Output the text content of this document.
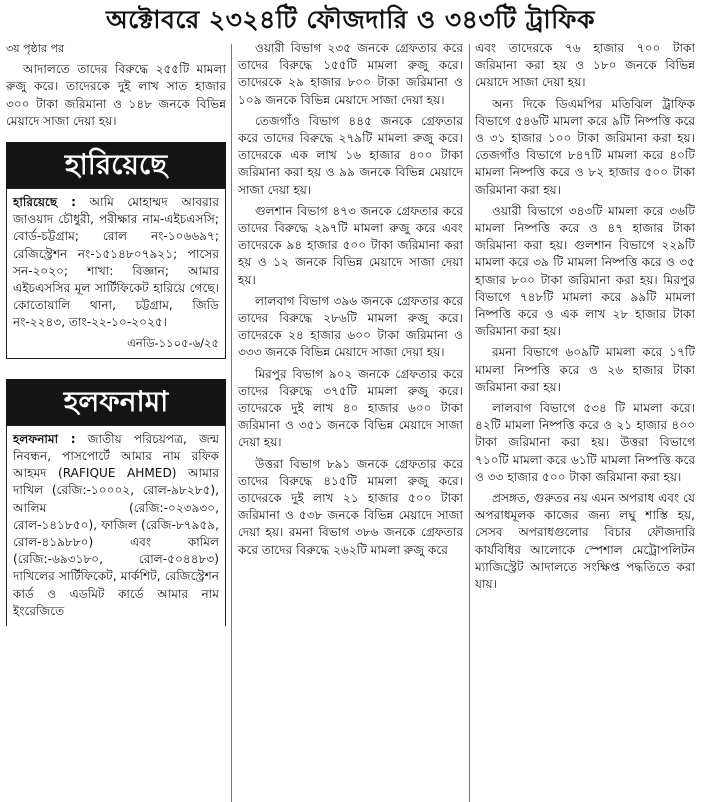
অক্টোবরে ২৩২৪টি ফৌজদারি ও ৩৪৩টি ট্রাফিক

৩য় পৃষ্ঠার পর

আদালতে তাদের বিরুদ্ধে ২৫৫টি মামলা রুজু করে। তাদেরকে দুই লাখ সাত হাজার ৩০০ টাকা জরিমানা ও ১৪৮ জনকে বিভিন্ন মেয়াদে সাজা দেয়া হয়।

হারিয়েছে

হারিয়েছে : আমি মোহাম্মদ আবরার জাওয়াদ চৌধুরী, পরীক্ষার নাম-এইচএসসি; বোর্ড-চট্টগ্রাম; রোল নং-১০৬৬৯৭; রেজিস্ট্রেশন নং-১৫১৪৮০৭৯২১; পাসের সন-২০২০; শাখা: বিজ্ঞান; আমার এইচএসসির মূল সার্টিফিকেট হারিয়ে গেছে। কোতোয়ালি থানা, চট্টগ্রাম, জিডি নং-২২৪৩, তাং-২২-১০-২০২৫।

এনডি-১১০৫-৬/২৫

হলফনামা

হলফনামা : জাতীয় পরিচয়পত্র, জন্ম নিবন্ধন, পাসপোর্টে আমার নাম রফিক আহমদ (RAFIQUE AHMED) আমার দাখিল (রেজি:-১০০০২, রোল-৯৮২৮৫), আলিম (রেজি:-০২৩৯৩০, রোল-১৪১৮৫০), ফাজিল (রেজি-৮৭৯৫৯, রোল-৪১৯৮৮০) এবং কামিল (রেজি:-৬৯৩১৮০, রোল-৫০৪৪৮৩) দাখিলের সার্টিফিকেট, মার্কশিট, রেজিস্ট্রেশন কার্ড ও এডমিট কার্ডে আমার নাম ইংরেজিতে

ওয়ারী বিভাগ ২৩৫ জনকে গ্রেফতার করে তাদের বিরুদ্ধে ১৫৫টি মামলা রুজু করে। তাদেরকে ২৯ হাজার ৮০০ টাকা জরিমানা ও ১০৯ জনকে বিভিন্ন মেয়াদে সাজা দেয়া হয়।

তেজগাঁও বিভাগ ৪৪৫ জনকে গ্রেফতার করে তাদের বিরুদ্ধে ২৭৯টি মামলা রুজু করে। তাদেরকে এক লাখ ১৬ হাজার ৪০০ টাকা জরিমানা করা হয় ও ৯৯ জনকে বিভিন্ন মেয়াদে সাজা দেয়া হয়।

গুলশান বিভাগ ৪৭৩ জনকে গ্রেফতার করে তাদের বিরুদ্ধে ২৯৭টি মামলা রুজু করে এবং তাদেরকে ৯৪ হাজার ৫০০ টাকা জরিমানা করা হয় ও ১২ জনকে বিভিন্ন মেয়াদে সাজা দেয়া হয়।

লালবাগ বিভাগ ৩৯৬ জনকে গ্রেফতার করে তাদের বিরুদ্ধে ২৮৬টি মামলা রুজু করে। তাদেরকে ২৪ হাজার ৬০০ টাকা জরিমানা ও ৩৩৩ জনকে বিভিন্ন মেয়াদে সাজা দেয়া হয়।

মিরপুর বিভাগ ৯০২ জনকে গ্রেফতার করে তাদের বিরুদ্ধে ৩৭৫টি মামলা রুজু করে। তাদেরকে দুই লাখ ৪০ হাজার ৬০০ টাকা জরিমানা ও ৩৫১ জনকে বিভিন্ন মেয়াদে সাজা দেয়া হয়।

উত্তরা বিভাগ ৮৯১ জনকে গ্রেফতার করে তাদের বিরুদ্ধে ৪১৫টি মামলা রুজু করে। তাদেরকে দুই লাখ ২১ হাজার ৫০০ টাকা জরিমানা ও ৫৩৮ জনকে বিভিন্ন মেয়াদে সাজা দেয়া হয়। রমনা বিভাগ ৩৮৬ জনকে গ্রেফতার করে তাদের বিরুদ্ধে ২৬২টি মামলা রুজু করে

এবং তাদেরকে ৭৬ হাজার ৭০০ টাকা জরিমানা করা হয় ও ১৮০ জনকে বিভিন্ন মেয়াদে সাজা দেয়া হয়।

অন্য দিকে ডিএমপির মতিঝিল ট্রাফিক বিভাগে ৫৪৬টি মামলা করে ৯টি নিষ্পত্তি করে ও ৩১ হাজার ১০০ টাকা জরিমানা করা হয়। তেজগাঁও বিভাগে ৮৪৭টি মামলা করে ৪০টি মামলা নিষ্পত্তি করে ও ৮২ হাজার ৫০০ টাকা জরিমানা করা হয়।

ওয়ারী বিভাগে ৩৪৩টি মামলা করে ৩৬টি মামলা নিষ্পত্তি করে ও ৪৭ হাজার টাকা জরিমানা করা হয়। গুলশান বিভাগে ২২৯টি মামলা করে ৩৯ টি মামলা নিষ্পত্তি করে ও ৩৫ হাজার ৮০০ টাকা জরিমানা করা হয়। মিরপুর বিভাগে ৭৪৮টি মামলা করে ৯৯টি মামলা নিষ্পত্তি করে ও এক লাখ ২৮ হাজার টাকা জরিমানা করা হয়।

রমনা বিভাগে ৬০৯টি মামলা করে ১৭টি মামলা নিষ্পত্তি করে ও ২৬ হাজার টাকা জরিমানা করা হয়।

লালবাগ বিভাগে ৫৩৪ টি মামলা করে। ৪২টি মামলা নিষ্পত্তি করে ও ২১ হাজার ৪০০ টাকা জরিমানা করা হয়। উত্তরা বিভাগে ৭১০টি মামলা করে ৬১টি মামলা নিষ্পত্তি করে ও ৩৩ হাজার ৫০০ টাকা জরিমানা করা হয়।

প্রসঙ্গত, গুরুতর নয় এমন অপরাধ এবং যে অপরাধমূলক কাজের জন্য লঘু শাস্তি হয়, সেসব অপরাধগুলোর বিচার ফৌজদারি কার্যবিধির আলোকে স্পেশাল মেট্রোপলিটন ম্যাজিস্ট্রেট আদালতে সংক্ষিপ্ত পদ্ধতিতে করা যায়।
